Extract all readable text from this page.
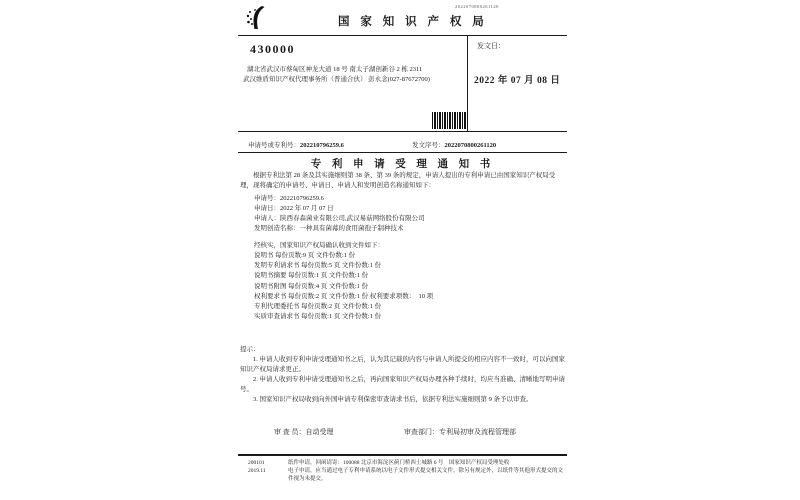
国 家 知 识 产 权 局
2022070800261120
430000
湖北省武汉市蔡甸区神龙大道 18 号 南太子湖创新谷 2 栋 2311
武汉维盾知识产权代理事务所（普通合伙） 彭永念(027-87672700)
发文日：
2022 年 07 月 08 日
申请号或专利号：202210796259.6	发文序号：2022070800261120
专 利 申 请 受 理 通 知 书

根据专利法第 28 条及其实施细则第 38 条、第 39 条的规定，申请人提出的专利申请已由国家知识产权局受理，现将确定的申请号、申请日、申请人和发明创造名称通知如下：

申请号：202210796259.6
申请日：2022 年 07 月 07 日
申请人：陕西春森菌业有限公司,武汉易菇网络股份有限公司
发明创造名称：一种具有菌幕的食用菌孢子制种技术

经核实，国家知识产权局确认收到文件如下：

说明书 每份页数:9 页 文件份数:1 份
发明专利请求书 每份页数:5 页 文件份数:1 份
说明书摘要 每份页数:1 页 文件份数:1 份
说明书附图 每份页数:4 页 文件份数:1 份
权利要求书 每份页数:2 页 文件份数:1 份 权利要求项数：　10 项
专利代理委托书 每份页数:2 页 文件份数:1 份
实质审查请求书 每份页数:1 页 文件份数:1 份

提示：

1. 申请人收到专利申请受理通知书之后，认为其记载的内容与申请人所提交的相应内容不一致时，可以向国家知识产权局请求更正。

2. 申请人收到专利申请受理通知书之后，再向国家知识产权局办理各种手续时，均应当准确、清晰地写明申请号。

3. 国家知识产权局收到向外国申请专利保密审查请求书后，依据专利法实施细则第 9 条予以审查。

审 查 员：自动受理	审查部门：专利局初审及流程管理部
200101
2019.11

纸件申请，回函请寄：100088 北京市海淀区蓟门桥西土城路 6 号　国家知识产权局受理处收

电子申请，应当通过电子专利申请系统以电子文件形式提交相关文件。除另有规定外，以纸件等其他形式提交的文件视为未提交。
